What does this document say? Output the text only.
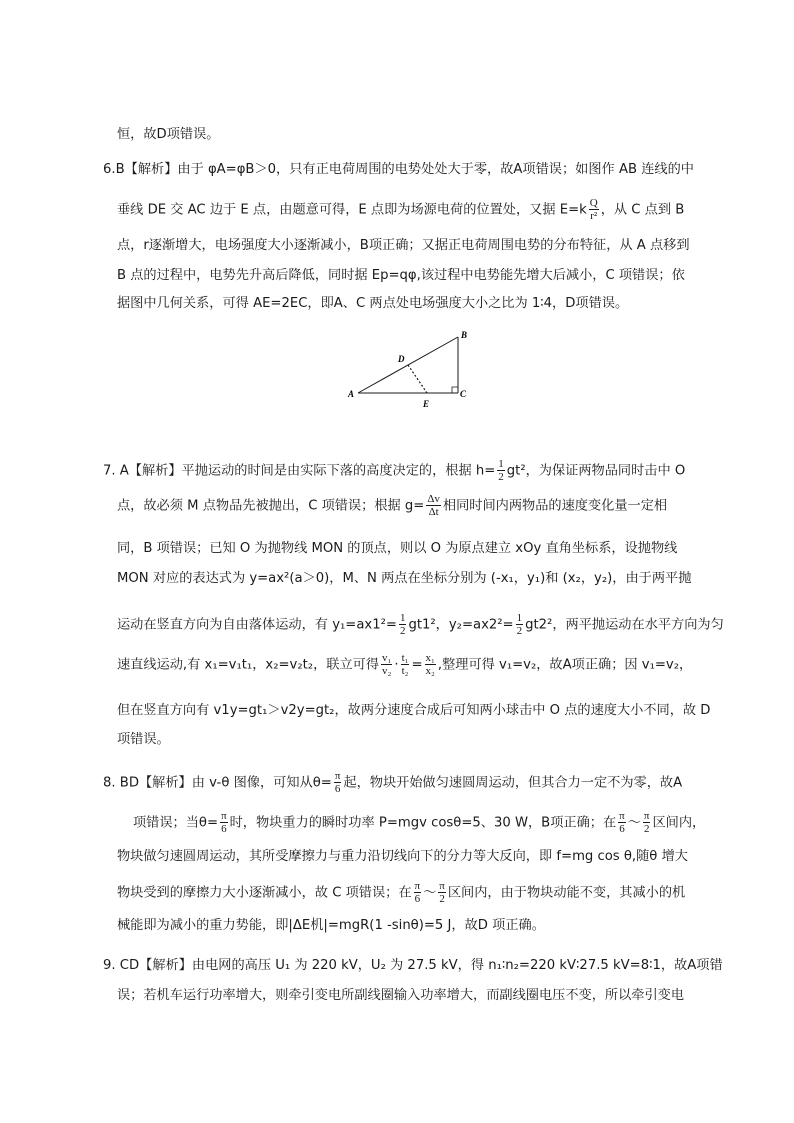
恒，故D项错误。
6.B【解析】由于 φA=φB＞0，只有正电荷周围的电势处处大于零，故A项错误；如图作 AB 连线的中
垂线 DE 交 AC 边于 E 点，由题意可得，E 点即为场源电荷的位置处，又据 $E=k \frac{Q}{\text{r²}}$ ，从 C 点到 B
点，r逐渐增大，电场强度大小逐渐减小，B项正确；又据正电荷周围电势的分布特征，从 A 点移到
B 点的过程中，电势先升高后降低，同时据 Ep=qφ,该过程中电势能先增大后减小，C 项错误；依
据图中几何关系，可得 AE=2EC，即A、C 两点处电场强度大小之比为 1∶4，D项错误。
A
B
C
D
E
7. A【解析】平抛运动的时间是由实际下落的高度决定的，根据 $h= \frac{1}{2} gt^2$，为保证两物品同时击中 O
点，故必须 M 点物品先被抛出，C 项错误；根据 $g= \frac{\Delta v}{\Delta t}$ 相同时间内两物品的速度变化量一定相
同，B 项错误；已知 O 为抛物线 MON 的顶点，则以 O 为原点建立 xOy 直角坐标系，设抛物线
MON 对应的表达式为 y=ax²(a＞0)，M、N 两点在坐标分别为 (-x₁，y₁)和 (x₂，y₂)，由于两平抛
运动在竖直方向为自由落体运动，有 $y_1=ax1^2= \frac{1}{2} gt1^2$，$y_2=ax2^2= \frac{1}{2} gt2^2$，两平抛运动在水平方向为匀
速直线运动,有 x₁=v₁t₁，x₂=v₂t₂，联立可得 $\frac{\text{v₁}}{\text{v₂}} \cdot \frac{\text{t₁}}{\text{t₂}} = \frac{\text{x₁}}{\text{x₂}}$ ,整理可得 v₁=v₂，故A项正确；因 v₁=v₂，
但在竖直方向有 v1y=gt₁＞v2y=gt₂，故两分速度合成后可知两小球击中 O 点的速度大小不同，故 D
项错误。
8. BD【解析】由 v-θ 图像，可知从$\theta= \frac{\pi}{6}$ 起，物块开始做匀速圆周运动，但其合力一定不为零，故A
项错误；当$\theta= \frac{\pi}{6}$ 时，物块重力的瞬时功率 P=mgv cosθ=5、30 W，B项正确；在 $\frac{\pi}{6}$ ～ $\frac{\pi}{2}$ 区间内，
物块做匀速圆周运动，其所受摩擦力与重力沿切线向下的分力等大反向，即 f=mg cos θ,随θ 增大
物块受到的摩擦力大小逐渐减小，故 C 项错误；在 $\frac{\pi}{6}$ ～ $\frac{\pi}{2}$ 区间内，由于物块动能不变，其减小的机
械能即为减小的重力势能，即|ΔE机|=mgR(1 -sinθ)=5 J，故D 项正确。
9. CD【解析】由电网的高压 U₁ 为 220 kV，U₂ 为 27.5 kV，得 n₁∶n₂=220 kV∶27.5 kV=8∶1，故A项错
误；若机车运行功率增大，则牵引变电所副线圈输入功率增大，而副线圈电压不变，所以牵引变电
